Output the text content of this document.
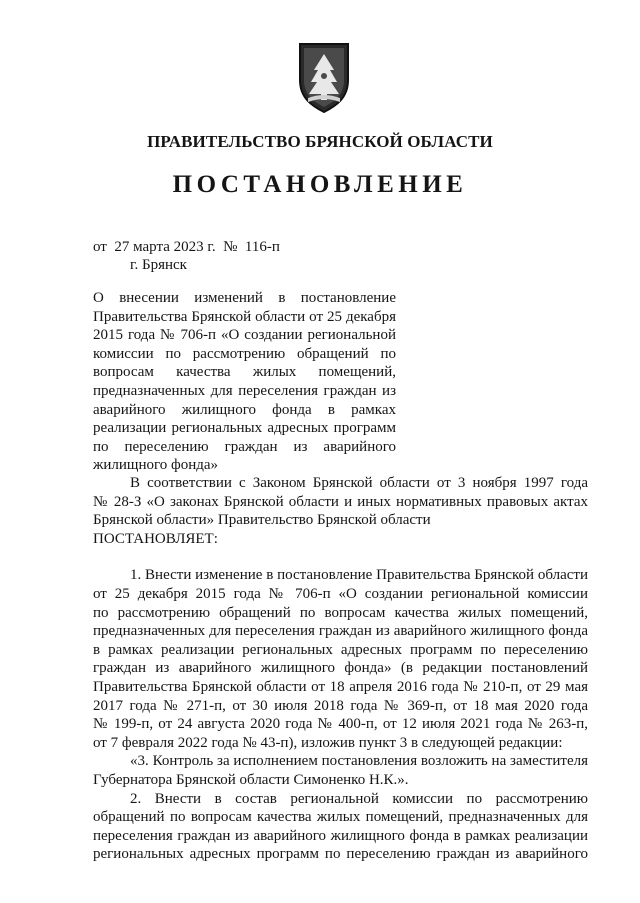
ПРАВИТЕЛЬСТВО БРЯНСКОЙ ОБЛАСТИ
ПОСТАНОВЛЕНИЕ
от  27 марта 2023 г.  №  116-п
г. Брянск
О внесении изменений в постановление Правительства Брянской области от 25 декабря 2015 года № 706-п «О создании региональной комиссии по рассмотрению обращений по вопросам качества жилых помещений, предназначенных для переселения граждан из аварийного жилищного фонда в рамках реализации региональных адресных программ по переселению граждан из аварийного жилищного фонда»
В соответствии с Законом Брянской области от 3 ноября 1997 года
№ 28-З «О законах Брянской области и иных нормативных правовых актах
Брянской области» Правительство Брянской области
ПОСТАНОВЛЯЕТ:
1. Внести изменение в постановление Правительства Брянской области
от 25 декабря 2015 года № 706-п «О создании региональной комиссии
по рассмотрению обращений по вопросам качества жилых помещений,
предназначенных для переселения граждан из аварийного жилищного фонда
в рамках реализации региональных адресных программ по переселению
граждан из аварийного жилищного фонда» (в редакции постановлений
Правительства Брянской области от 18 апреля 2016 года № 210-п, от 29 мая
2017 года № 271-п, от 30 июля 2018 года № 369-п, от 18 мая 2020 года
№ 199-п, от 24 августа 2020 года № 400-п, от 12 июля 2021 года № 263-п,
от 7 февраля 2022 года № 43-п), изложив пункт 3 в следующей редакции:
«3. Контроль за исполнением постановления возложить на заместителя
Губернатора Брянской области Симоненко Н.К.».
2. Внести в состав региональной комиссии по рассмотрению
обращений по вопросам качества жилых помещений, предназначенных для
переселения граждан из аварийного жилищного фонда в рамках реализации
региональных адресных программ по переселению граждан из аварийного
